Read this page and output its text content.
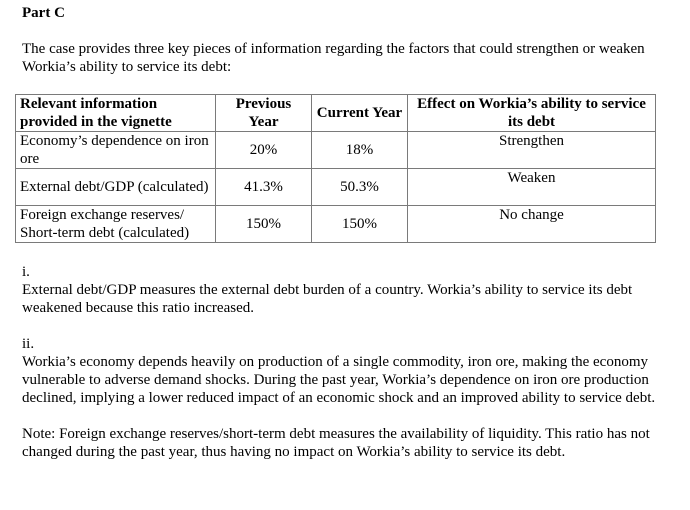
Part C

The case provides three key pieces of information regarding the factors that could strengthen or weaken Workia’s ability to service its debt:

Relevant information provided in the vignette	Previous Year	Current Year	Effect on Workia’s ability to service its debt
Economy’s dependence on iron ore	20%	18%	Strengthen
External debt/GDP (calculated)	41.3%	50.3%	Weaken
Foreign exchange reserves/ Short-term debt (calculated)	150%	150%	No change

i.

External debt/GDP measures the external debt burden of a country. Workia’s ability to service its debt weakened because this ratio increased.

ii.

Workia’s economy depends heavily on production of a single commodity, iron ore, making the economy vulnerable to adverse demand shocks. During the past year, Workia’s dependence on iron ore production declined, implying a lower reduced impact of an economic shock and an improved ability to service debt.

Note: Foreign exchange reserves/short-term debt measures the availability of liquidity. This ratio has not changed during the past year, thus having no impact on Workia’s ability to service its debt.
